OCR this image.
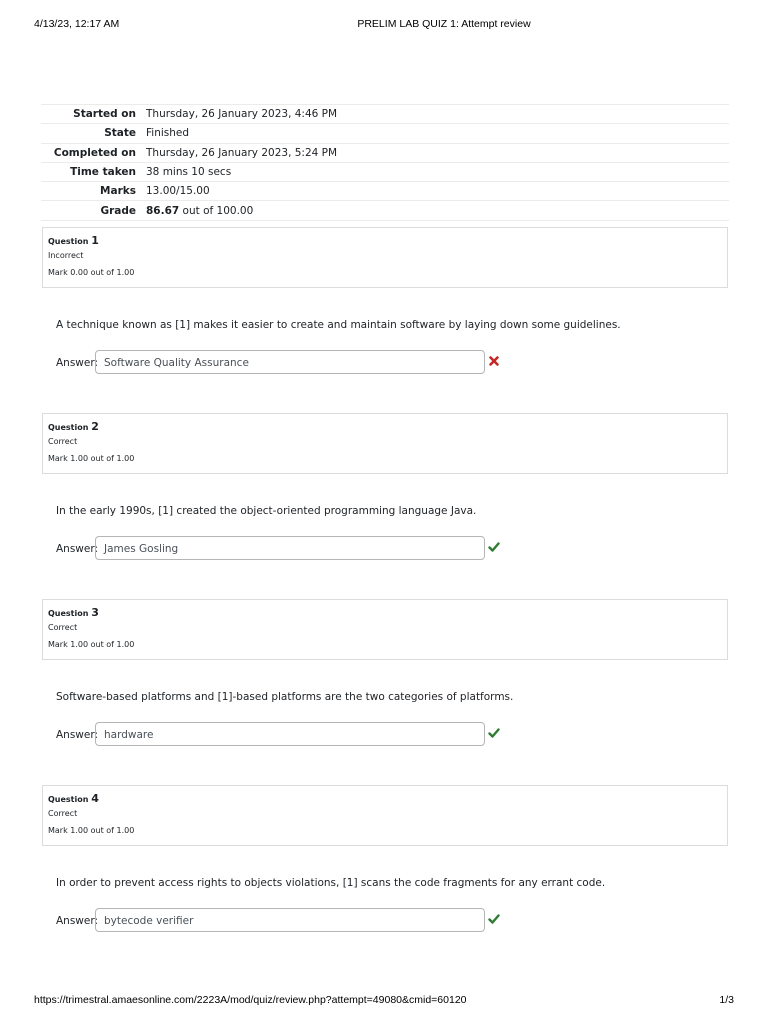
4/13/23, 12:17 AM	PRELIM LAB QUIZ 1: Attempt review
Started on	Thursday, 26 January 2023, 4:46 PM
State	Finished
Completed on	Thursday, 26 January 2023, 5:24 PM
Time taken	38 mins 10 secs
Marks	13.00/15.00
Grade	86.67 out of 100.00
Question 1
Incorrect
Mark 0.00 out of 1.00
A technique known as [1] makes it easier to create and maintain software by laying down some guidelines.
Answer: Software Quality Assurance
Question 2
Correct
Mark 1.00 out of 1.00
In the early 1990s, [1] created the object-oriented programming language Java.
Answer: James Gosling
Question 3
Correct
Mark 1.00 out of 1.00
Software-based platforms and [1]-based platforms are the two categories of platforms.
Answer: hardware
Question 4
Correct
Mark 1.00 out of 1.00
In order to prevent access rights to objects violations, [1] scans the code fragments for any errant code.
Answer: bytecode verifier
https://trimestral.amaesonline.com/2223A/mod/quiz/review.php?attempt=49080&cmid=60120	1/3
